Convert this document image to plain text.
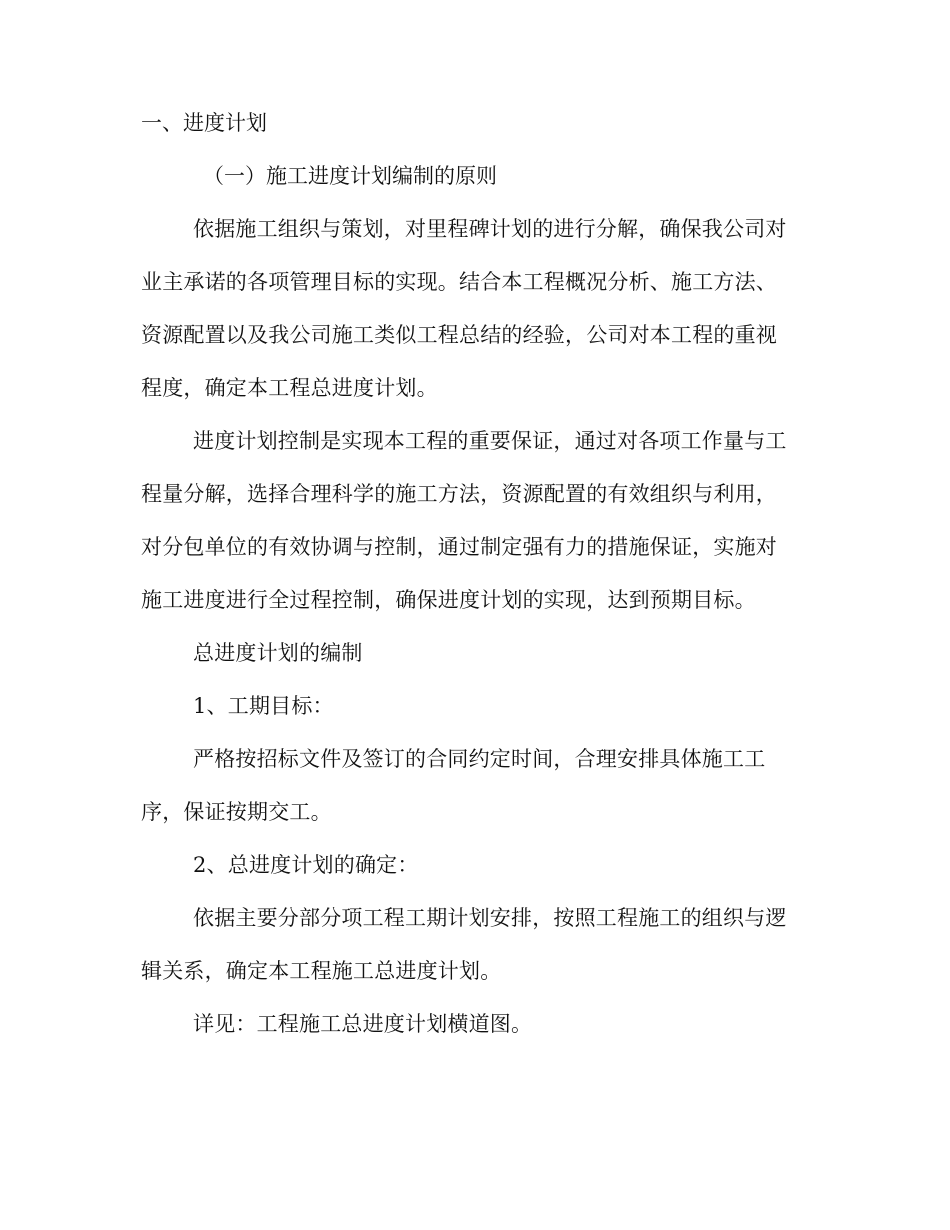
一、进度计划
（一）施工进度计划编制的原则
依据施工组织与策划，对里程碑计划的进行分解，确保我公司对
业主承诺的各项管理目标的实现。结合本工程概况分析、施工方法、
资源配置以及我公司施工类似工程总结的经验，公司对本工程的重视
程度，确定本工程总进度计划。
进度计划控制是实现本工程的重要保证，通过对各项工作量与工
程量分解，选择合理科学的施工方法，资源配置的有效组织与利用，
对分包单位的有效协调与控制，通过制定强有力的措施保证，实施对
施工进度进行全过程控制，确保进度计划的实现，达到预期目标。
总进度计划的编制
1、工期目标：
严格按招标文件及签订的合同约定时间，合理安排具体施工工
序，保证按期交工。
2、总进度计划的确定：
依据主要分部分项工程工期计划安排，按照工程施工的组织与逻
辑关系，确定本工程施工总进度计划。
详见：工程施工总进度计划横道图。
